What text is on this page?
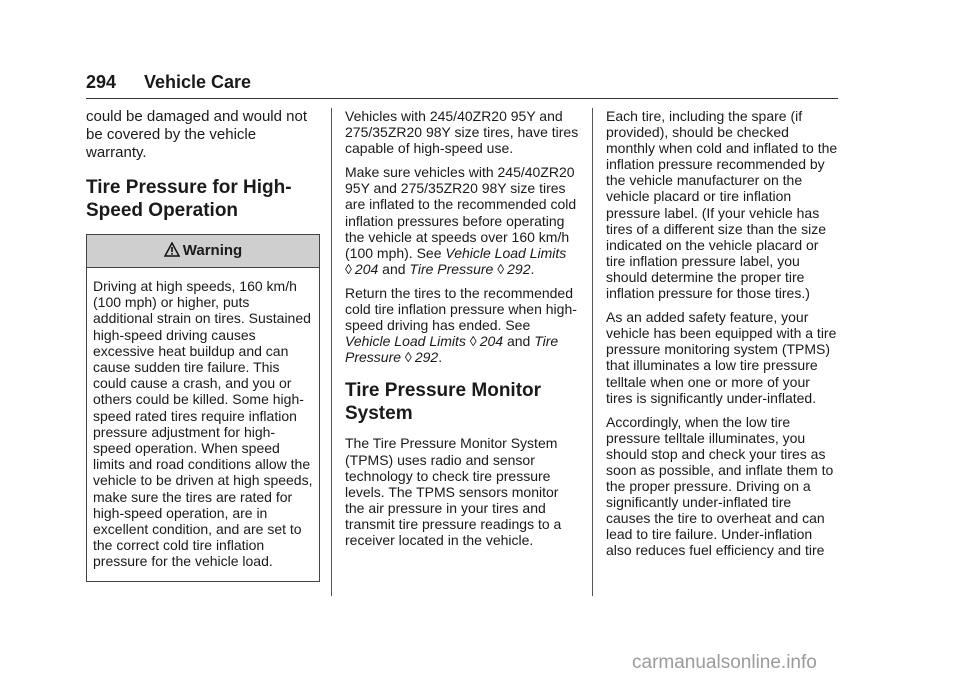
294 Vehicle Care

could be damaged and would not be covered by the vehicle warranty.

Tire Pressure for High-Speed Operation
Warning
Driving at high speeds, 160 km/h (100 mph) or higher, puts additional strain on tires. Sustained high-speed driving causes excessive heat buildup and can cause sudden tire failure. This could cause a crash, and you or others could be killed. Some high-speed rated tires require inflation pressure adjustment for high-speed operation. When speed limits and road conditions allow the vehicle to be driven at high speeds, make sure the tires are rated for high-speed operation, are in excellent condition, and are set to the correct cold tire inflation pressure for the vehicle load.

Vehicles with 245/40ZR20 95Y and 275/35ZR20 98Y size tires, have tires capable of high-speed use.

Make sure vehicles with 245/40ZR20 95Y and 275/35ZR20 98Y size tires are inflated to the recommended cold inflation pressures before operating the vehicle at speeds over 160 km/h (100 mph). See Vehicle Load Limits ◊ 204 and Tire Pressure ◊ 292.

Return the tires to the recommended cold tire inflation pressure when high-speed driving has ended. See Vehicle Load Limits ◊ 204 and Tire Pressure ◊ 292.

Tire Pressure Monitor System

The Tire Pressure Monitor System (TPMS) uses radio and sensor technology to check tire pressure levels. The TPMS sensors monitor the air pressure in your tires and transmit tire pressure readings to a receiver located in the vehicle.

Each tire, including the spare (if provided), should be checked monthly when cold and inflated to the inflation pressure recommended by the vehicle manufacturer on the vehicle placard or tire inflation pressure label. (If your vehicle has tires of a different size than the size indicated on the vehicle placard or tire inflation pressure label, you should determine the proper tire inflation pressure for those tires.)

As an added safety feature, your vehicle has been equipped with a tire pressure monitoring system (TPMS) that illuminates a low tire pressure telltale when one or more of your tires is significantly under-inflated.

Accordingly, when the low tire pressure telltale illuminates, you should stop and check your tires as soon as possible, and inflate them to the proper pressure. Driving on a significantly under-inflated tire causes the tire to overheat and can lead to tire failure. Under-inflation also reduces fuel efficiency and tire

carmanualsonline.info
